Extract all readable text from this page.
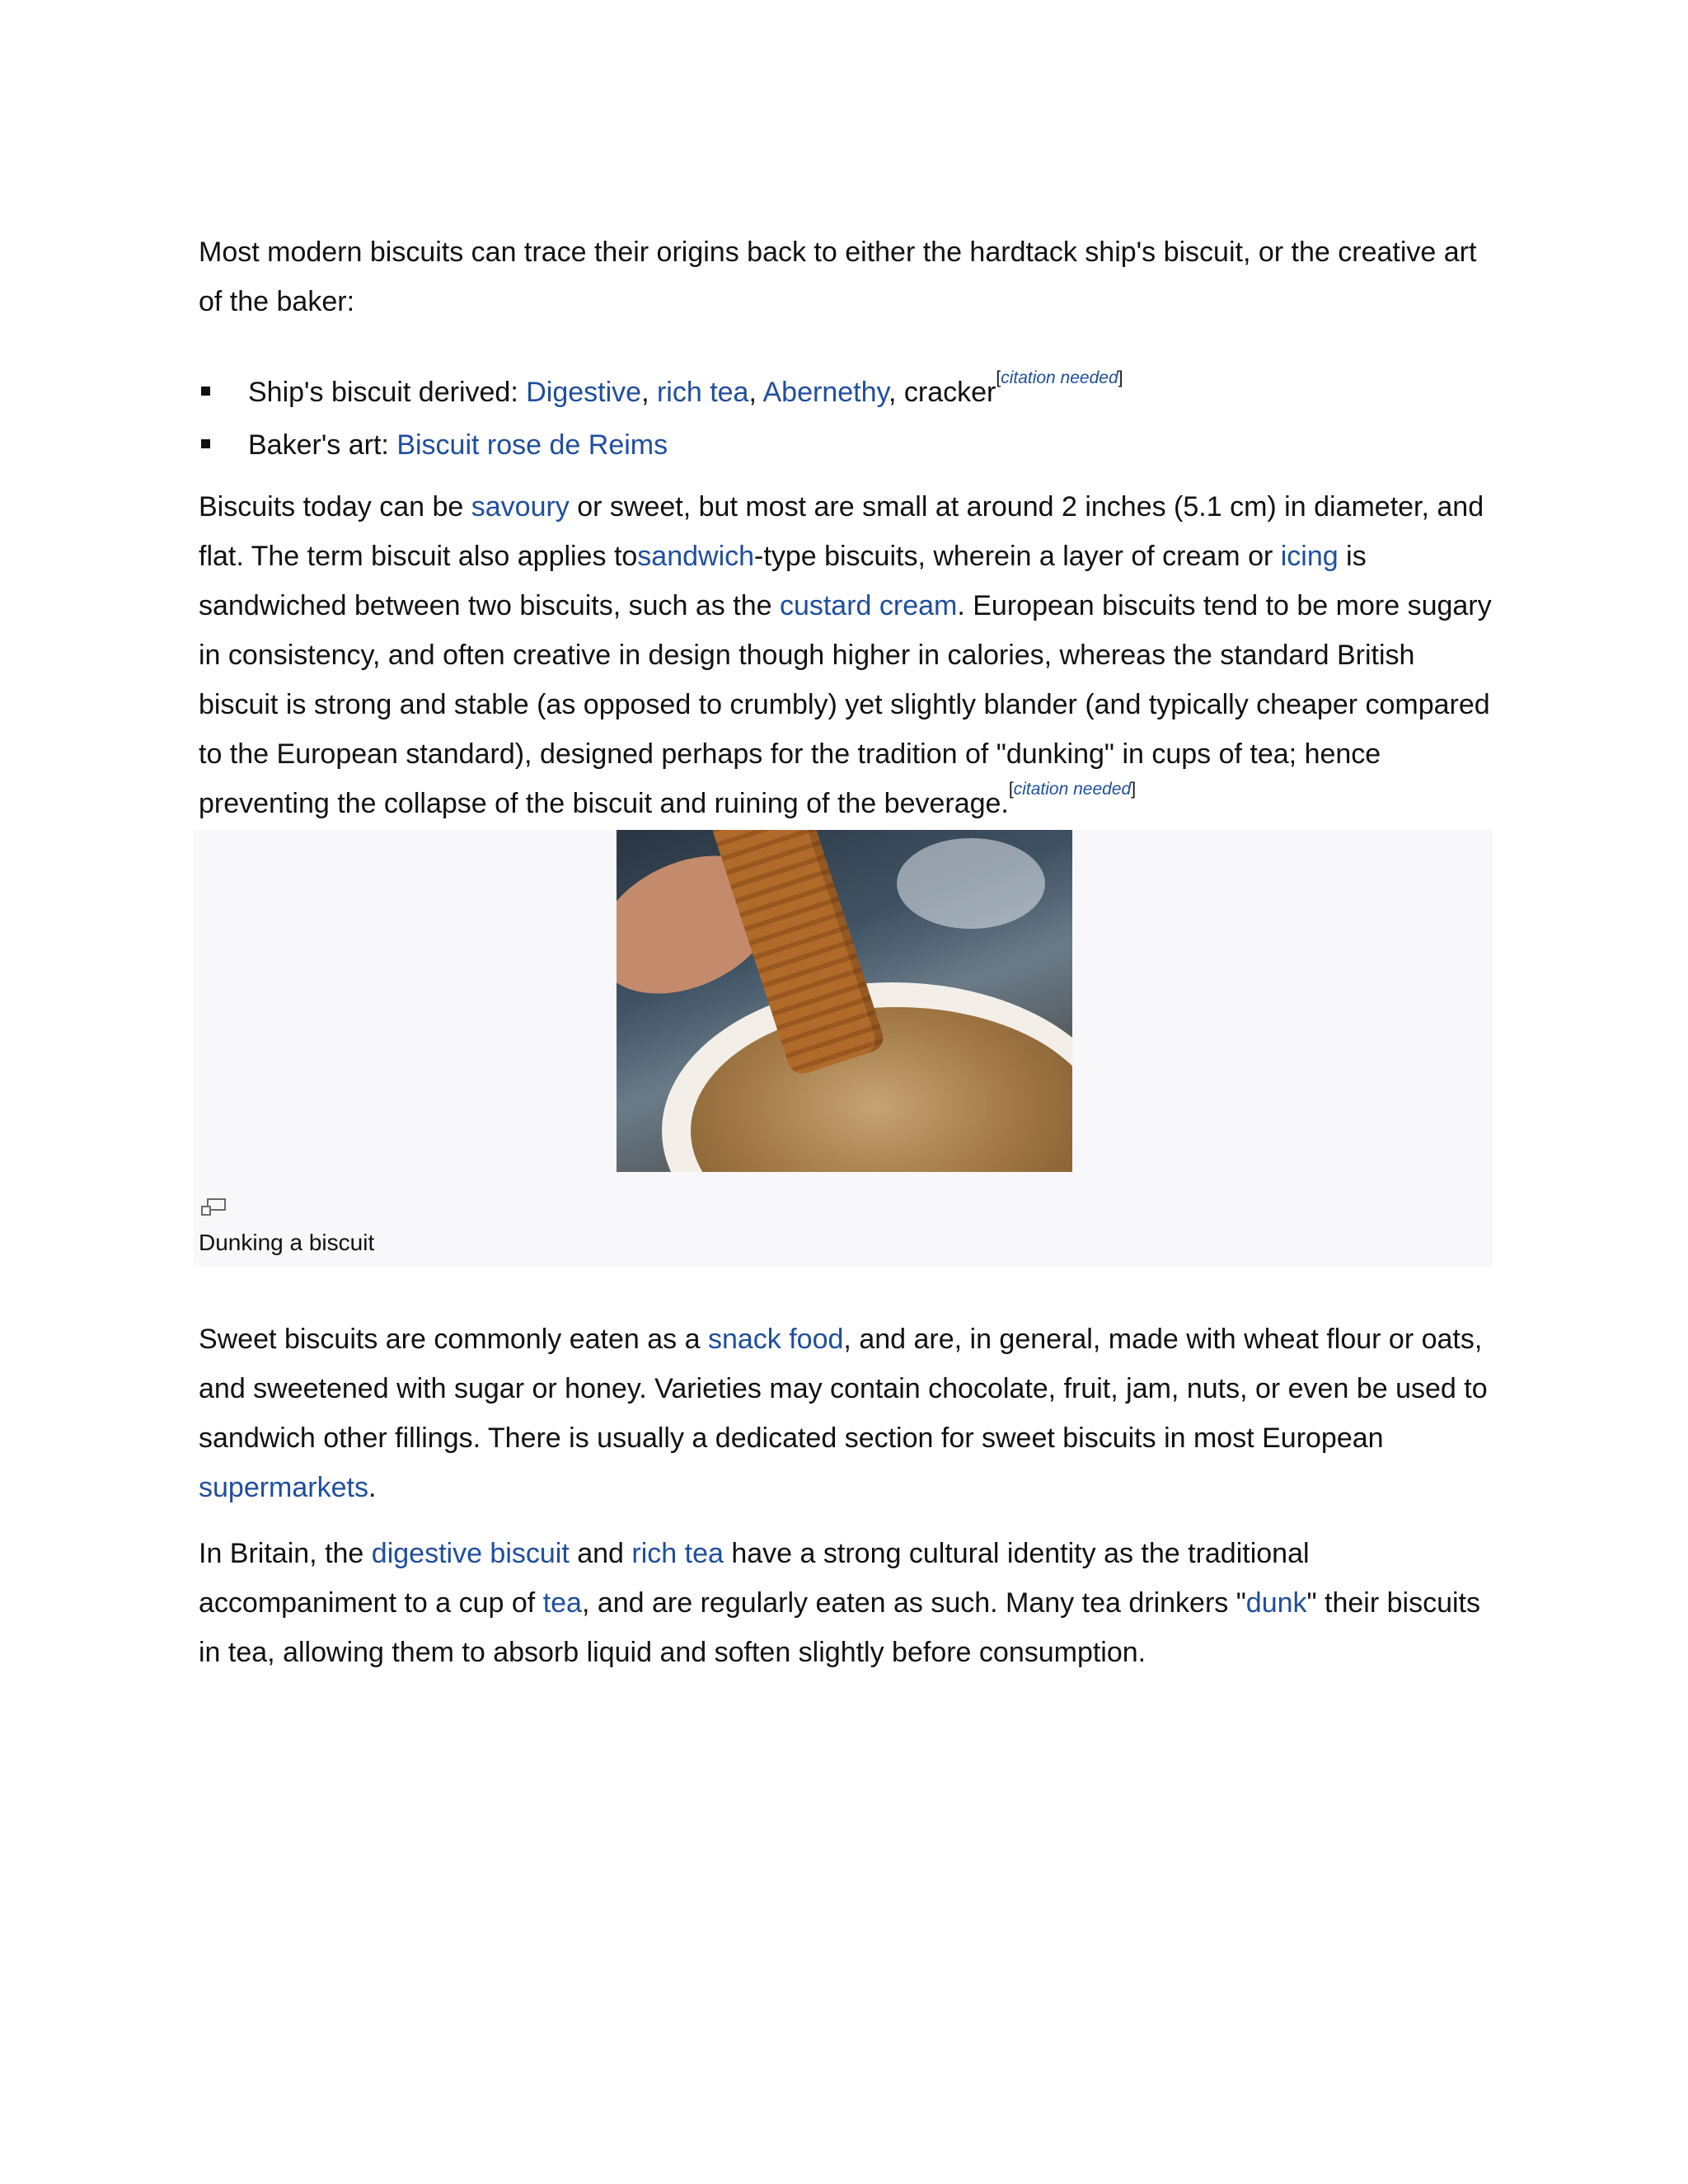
Most modern biscuits can trace their origins back to either the hardtack ship's biscuit, or the creative art of the baker:

Ship's biscuit derived: Digestive, rich tea, Abernethy, cracker[citation needed]
Baker's art: Biscuit rose de Reims

Biscuits today can be savoury or sweet, but most are small at around 2 inches (5.1 cm) in diameter, and flat. The term biscuit also applies tosandwich-type biscuits, wherein a layer of cream or icing is sandwiched between two biscuits, such as the custard cream. European biscuits tend to be more sugary in consistency, and often creative in design though higher in calories, whereas the standard British biscuit is strong and stable (as opposed to crumbly) yet slightly blander (and typically cheaper compared to the European standard), designed perhaps for the tradition of "dunking" in cups of tea; hence preventing the collapse of the biscuit and ruining of the beverage.[citation needed]

Dunking a biscuit

Sweet biscuits are commonly eaten as a snack food, and are, in general, made with wheat flour or oats, and sweetened with sugar or honey. Varieties may contain chocolate, fruit, jam, nuts, or even be used to sandwich other fillings. There is usually a dedicated section for sweet biscuits in most European supermarkets.

In Britain, the digestive biscuit and rich tea have a strong cultural identity as the traditional accompaniment to a cup of tea, and are regularly eaten as such. Many tea drinkers "dunk" their biscuits in tea, allowing them to absorb liquid and soften slightly before consumption.
